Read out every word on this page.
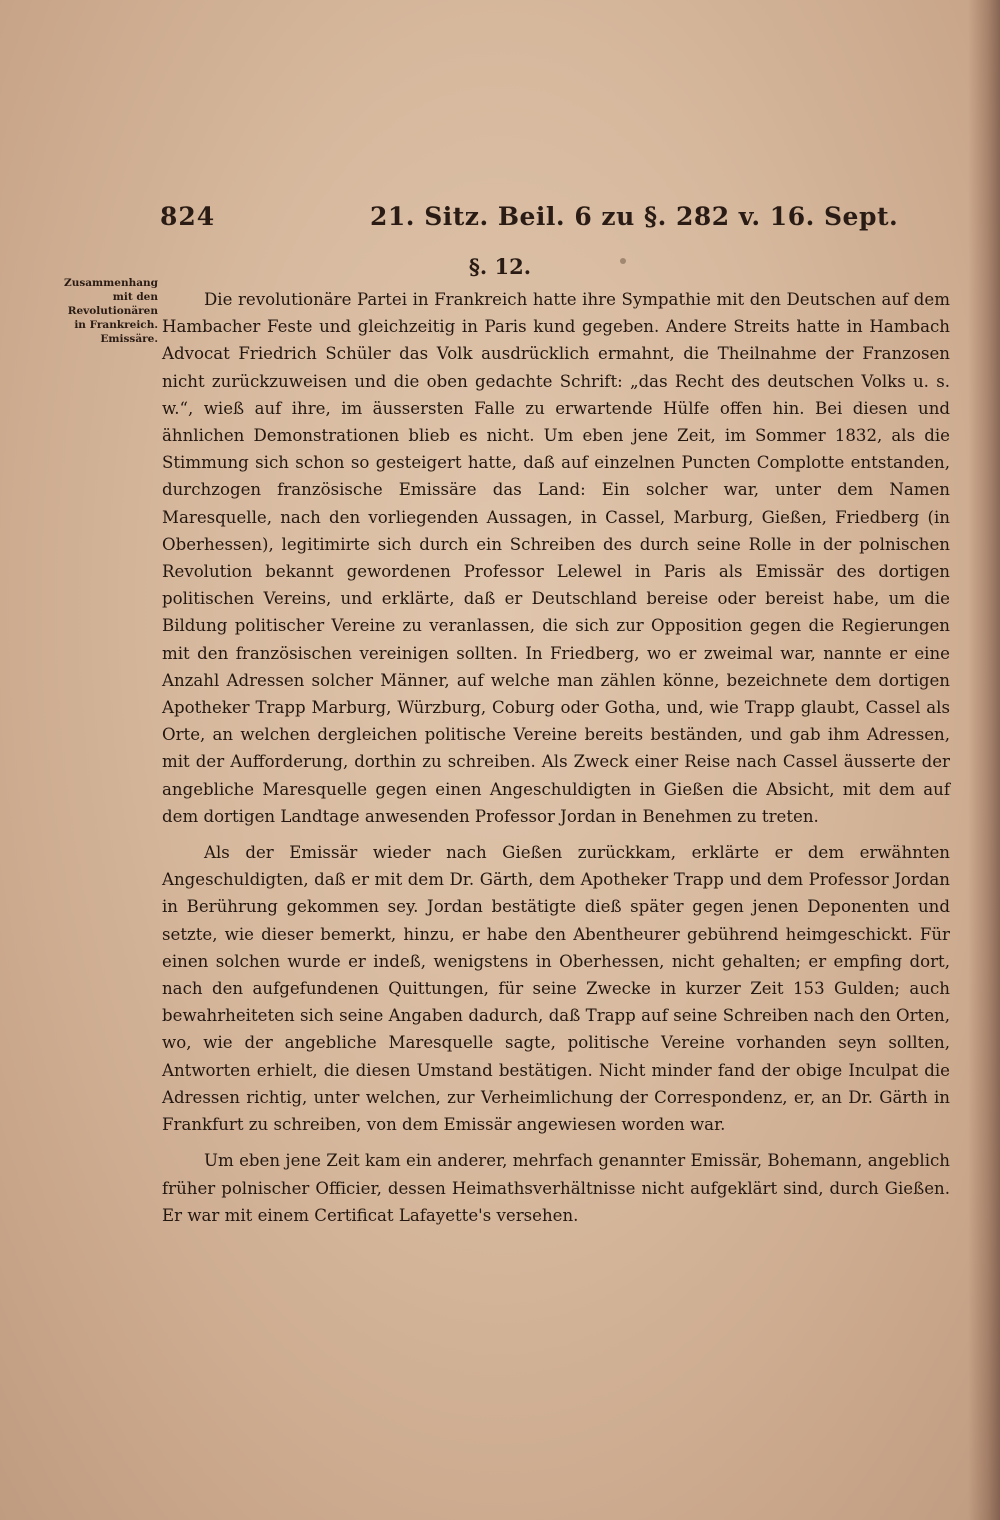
824	21. Sitz. Beil. 6 zu §. 282 v. 16. Sept.
§. 12.
Zusammenhang mit den Revolutionären in Frankreich. Emissäre.

Die revolutionäre Partei in Frankreich hatte ihre Sympathie mit den Deutschen auf dem Hambacher Feste und gleichzeitig in Paris kund gegeben. Andere Streits hatte in Hambach Advocat Friedrich Schüler das Volk ausdrücklich ermahnt, die Theilnahme der Franzosen nicht zurückzuweisen und die oben gedachte Schrift: „das Recht des deutschen Volks u. s. w.“, wieß auf ihre, im äussersten Falle zu erwartende Hülfe offen hin. Bei diesen und ähnlichen Demonstrationen blieb es nicht. Um eben jene Zeit, im Sommer 1832, als die Stimmung sich schon so gesteigert hatte, daß auf einzelnen Puncten Complotte entstanden, durchzogen französische Emissäre das Land: Ein solcher war, unter dem Namen Maresquelle, nach den vorliegenden Aussagen, in Cassel, Marburg, Gießen, Friedberg (in Oberhessen), legitimirte sich durch ein Schreiben des durch seine Rolle in der polnischen Revolution bekannt gewordenen Professor Lelewel in Paris als Emissär des dortigen politischen Vereins, und erklärte, daß er Deutschland bereise oder bereist habe, um die Bildung politischer Vereine zu veranlassen, die sich zur Opposition gegen die Regierungen mit den französischen vereinigen sollten. In Friedberg, wo er zweimal war, nannte er eine Anzahl Adressen solcher Männer, auf welche man zählen könne, bezeichnete dem dortigen Apotheker Trapp Marburg, Würzburg, Coburg oder Gotha, und, wie Trapp glaubt, Cassel als Orte, an welchen dergleichen politische Vereine bereits beständen, und gab ihm Adressen, mit der Aufforderung, dorthin zu schreiben. Als Zweck einer Reise nach Cassel äusserte der angebliche Maresquelle gegen einen Angeschuldigten in Gießen die Absicht, mit dem auf dem dortigen Landtage anwesenden Professor Jordan in Benehmen zu treten.

Als der Emissär wieder nach Gießen zurückkam, erklärte er dem erwähnten Angeschuldigten, daß er mit dem Dr. Gärth, dem Apotheker Trapp und dem Professor Jordan in Berührung gekommen sey. Jordan bestätigte dieß später gegen jenen Deponenten und setzte, wie dieser bemerkt, hinzu, er habe den Abentheurer gebührend heimgeschickt. Für einen solchen wurde er indeß, wenigstens in Oberhessen, nicht gehalten; er empfing dort, nach den aufgefundenen Quittungen, für seine Zwecke in kurzer Zeit 153 Gulden; auch bewahrheiteten sich seine Angaben dadurch, daß Trapp auf seine Schreiben nach den Orten, wo, wie der angebliche Maresquelle sagte, politische Vereine vorhanden seyn sollten, Antworten erhielt, die diesen Umstand bestätigen. Nicht minder fand der obige Inculpat die Adressen richtig, unter welchen, zur Verheimlichung der Correspondenz, er, an Dr. Gärth in Frankfurt zu schreiben, von dem Emissär angewiesen worden war.

Um eben jene Zeit kam ein anderer, mehrfach genannter Emissär, Bohemann, angeblich früher polnischer Officier, dessen Heimathsverhältnisse nicht aufgeklärt sind, durch Gießen. Er war mit einem Certificat Lafayette's versehen.
